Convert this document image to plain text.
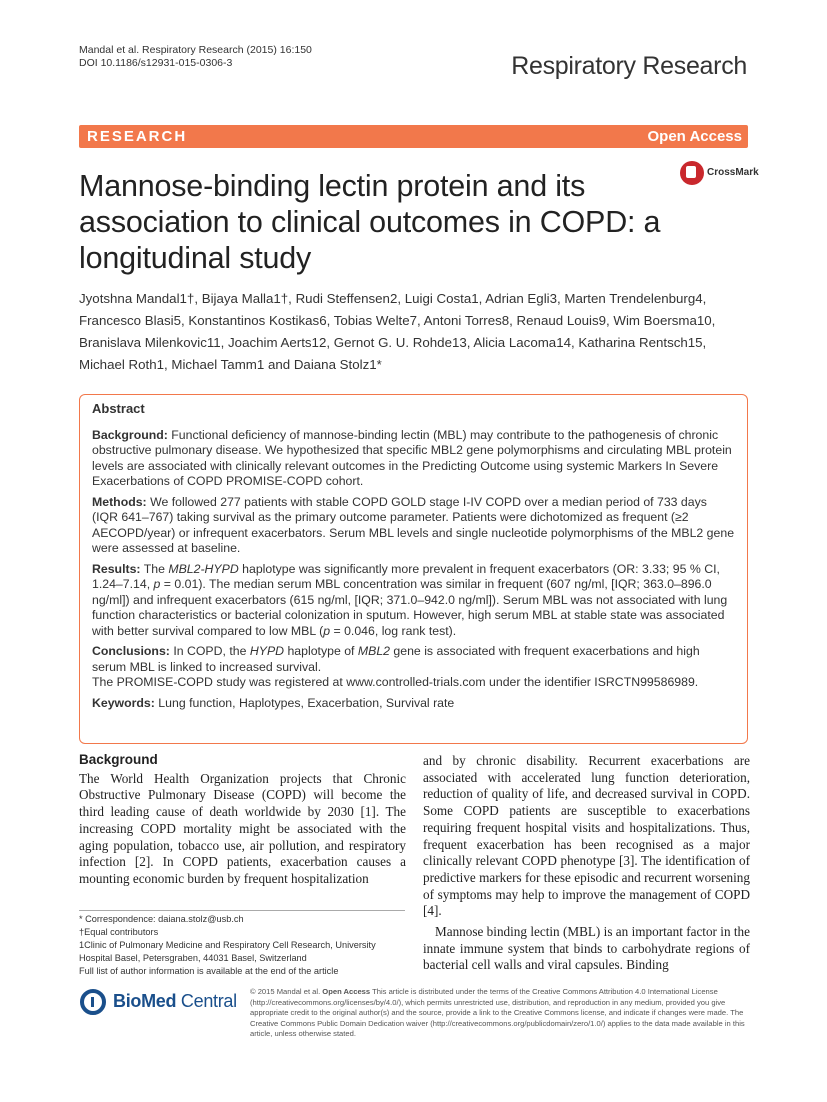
Mandal et al. Respiratory Research (2015) 16:150
DOI 10.1186/s12931-015-0306-3	Respiratory Research
RESEARCH	Open Access
CrossMark
Mannose-binding lectin protein and its association to clinical outcomes in COPD: a longitudinal study
Jyotshna Mandal1†, Bijaya Malla1†, Rudi Steffensen2, Luigi Costa1, Adrian Egli3, Marten Trendelenburg4, Francesco Blasi5, Konstantinos Kostikas6, Tobias Welte7, Antoni Torres8, Renaud Louis9, Wim Boersma10, Branislava Milenkovic11, Joachim Aerts12, Gernot G. U. Rohde13, Alicia Lacoma14, Katharina Rentsch15, Michael Roth1, Michael Tamm1 and Daiana Stolz1*
Abstract

Background: Functional deficiency of mannose-binding lectin (MBL) may contribute to the pathogenesis of chronic obstructive pulmonary disease. We hypothesized that specific MBL2 gene polymorphisms and circulating MBL protein levels are associated with clinically relevant outcomes in the Predicting Outcome using systemic Markers In Severe Exacerbations of COPD PROMISE-COPD cohort.

Methods: We followed 277 patients with stable COPD GOLD stage I-IV COPD over a median period of 733 days (IQR 641–767) taking survival as the primary outcome parameter. Patients were dichotomized as frequent (≥2 AECOPD/year) or infrequent exacerbators. Serum MBL levels and single nucleotide polymorphisms of the MBL2 gene were assessed at baseline.

Results: The MBL2-HYPD haplotype was significantly more prevalent in frequent exacerbators (OR: 3.33; 95 % CI, 1.24–7.14, p = 0.01). The median serum MBL concentration was similar in frequent (607 ng/ml, [IQR; 363.0–896.0 ng/ml]) and infrequent exacerbators (615 ng/ml, [IQR; 371.0–942.0 ng/ml]). Serum MBL was not associated with lung function characteristics or bacterial colonization in sputum. However, high serum MBL at stable state was associated with better survival compared to low MBL (p = 0.046, log rank test).

Conclusions: In COPD, the HYPD haplotype of MBL2 gene is associated with frequent exacerbations and high serum MBL is linked to increased survival.
The PROMISE-COPD study was registered at www.controlled-trials.com under the identifier ISRCTN99586989.

Keywords: Lung function, Haplotypes, Exacerbation, Survival rate

Background

The World Health Organization projects that Chronic Obstructive Pulmonary Disease (COPD) will become the third leading cause of death worldwide by 2030 [1]. The increasing COPD mortality might be associated with the aging population, tobacco use, air pollution, and respiratory infection [2]. In COPD patients, exacerbation causes a mounting economic burden by frequent hospitalization

and by chronic disability. Recurrent exacerbations are associated with accelerated lung function deterioration, reduction of quality of life, and decreased survival in COPD. Some COPD patients are susceptible to exacerbations requiring frequent hospital visits and hospitalizations. Thus, frequent exacerbation has been recognised as a major clinically relevant COPD phenotype [3]. The identification of predictive markers for these episodic and recurrent worsening of symptoms may help to improve the management of COPD [4].

Mannose binding lectin (MBL) is an important factor in the innate immune system that binds to carbohydrate regions of bacterial cell walls and viral capsules. Binding

* Correspondence: daiana.stolz@usb.ch
†Equal contributors
1Clinic of Pulmonary Medicine and Respiratory Cell Research, University
Hospital Basel, Petersgraben, 44031 Basel, Switzerland
Full list of author information is available at the end of the article
BioMed Central © 2015 Mandal et al. Open Access This article is distributed under the terms of the Creative Commons Attribution 4.0 International License (http://creativecommons.org/licenses/by/4.0/), which permits unrestricted use, distribution, and reproduction in any medium, provided you give appropriate credit to the original author(s) and the source, provide a link to the Creative Commons license, and indicate if changes were made. The Creative Commons Public Domain Dedication waiver (http://creativecommons.org/publicdomain/zero/1.0/) applies to the data made available in this article, unless otherwise stated.
